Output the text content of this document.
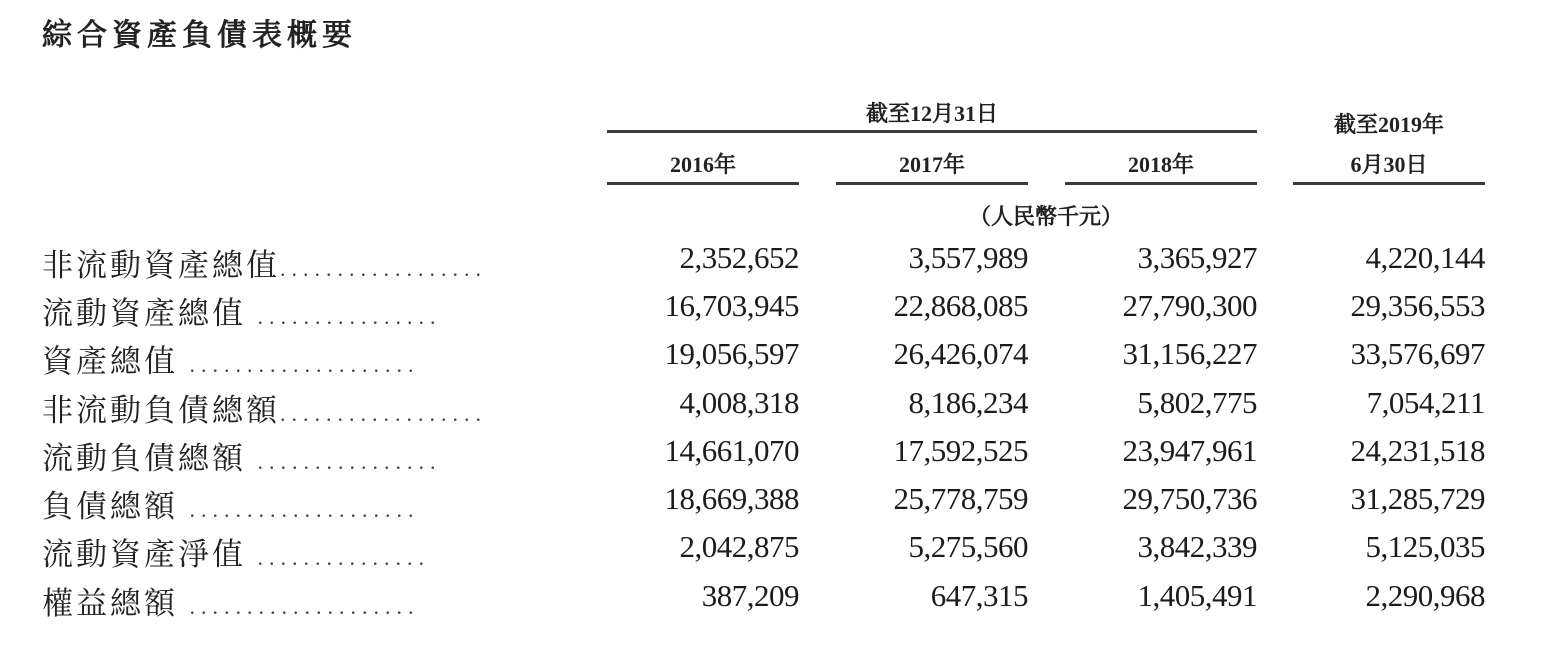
綜合資產負債表概要
截至12月31日	截至2019年
6月30日
2016年	2017年	2018年
（人民幣千元）
非流動資產總值..................	2,352,652	3,557,989	3,365,927	4,220,144
流動資產總值 ................	16,703,945	22,868,085	27,790,300	29,356,553
資產總值 ....................	19,056,597	26,426,074	31,156,227	33,576,697
非流動負債總額..................	4,008,318	8,186,234	5,802,775	7,054,211
流動負債總額 ................	14,661,070	17,592,525	23,947,961	24,231,518
負債總額 ....................	18,669,388	25,778,759	29,750,736	31,285,729
流動資產淨值 ...............	2,042,875	5,275,560	3,842,339	5,125,035
權益總額 ....................	387,209	647,315	1,405,491	2,290,968
